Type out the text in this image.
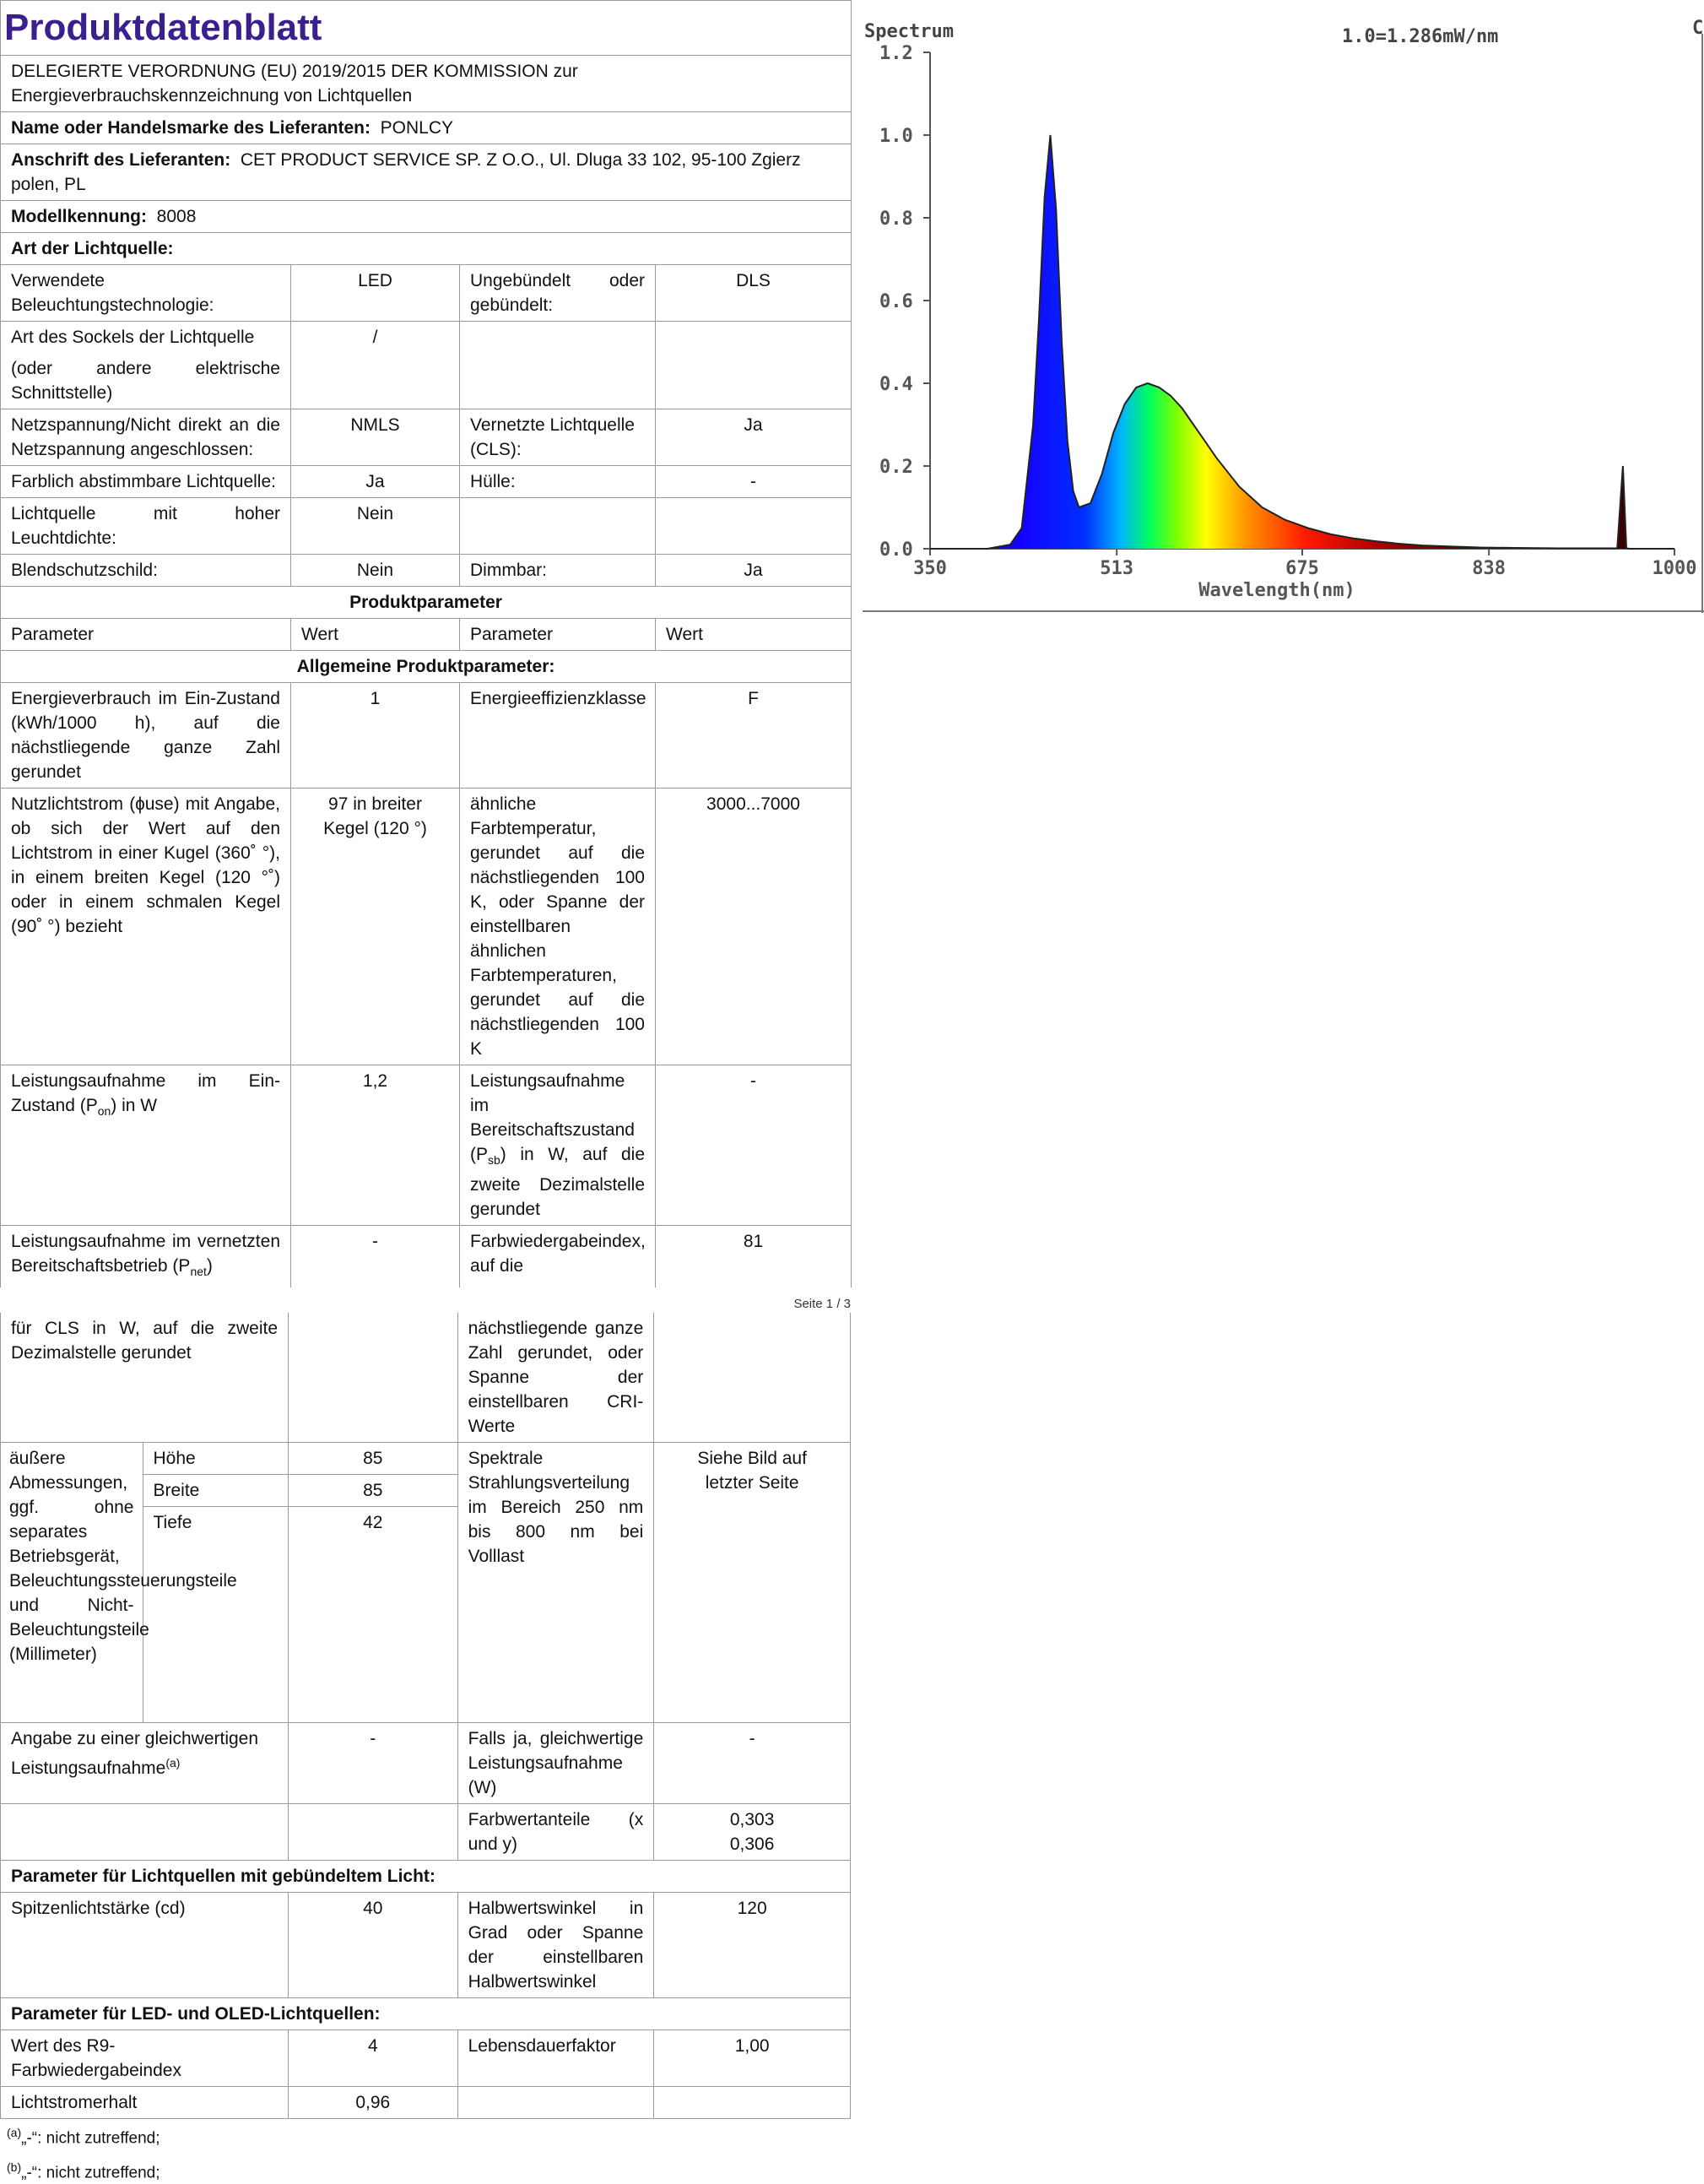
Produktdatenblatt			
DELEGIERTE VERORDNUNG (EU) 2019/2015 DER KOMMISSION zur Energieverbrauchskennzeichnung von Lichtquellen			
Name oder Handelsmarke des Lieferanten: PONLCY			
Anschrift des Lieferanten: CET PRODUCT SERVICE SP. Z O.O., Ul. Dluga 33 102, 95-100 Zgierz polen, PL			
Modellkennung: 8008			
Art der Lichtquelle:			
Verwendete Beleuchtungstechnologie:	LED	Ungebündelt oder gebündelt:	DLS

Art des Sockels der Lichtquelle
(oder andere elektrische Schnittstelle)	/		
Netzspannung/Nicht direkt an die Netzspannung angeschlossen:	NMLS	Vernetzte Lichtquelle (CLS):	Ja
Farblich abstimmbare Lichtquelle:	Ja	Hülle:	-
Lichtquelle mit hoher Leuchtdichte:	Nein		
Blendschutzschild:	Nein	Dimmbar:	Ja
Produktparameter			
Parameter	Wert	Parameter	Wert
Allgemeine Produktparameter:			
Energieverbrauch im Ein-Zustand (kWh/1000 h), auf die nächstliegende ganze Zahl gerundet	1	Energieeffizienzklasse	F
Nutzlichtstrom (ɸuse) mit Angabe, ob sich der Wert auf den Lichtstrom in einer Kugel (360˚ °), in einem breiten Kegel (120 °˚) oder in einem schmalen Kegel (90˚ °) bezieht	97 in breiter Kegel (120 °)	ähnliche Farbtemperatur, gerundet auf die nächstliegenden 100 K, oder Spanne der einstellbaren ähnlichen Farbtemperaturen, gerundet auf die nächstliegenden 100 K	3000...7000
Leistungsaufnahme im Ein-Zustand $(P_{on})$ in W	1,2	Leistungsaufnahme im Bereitschaftszustand $(P_{sb})$ in W, auf die zweite Dezimalstelle gerundet	-
Leistungsaufnahme im vernetzten Bereitschaftsbetrieb $(P_{net})$	-	Farbwiedergabeindex, auf die	81
Seite 1 / 3
für CLS in W, auf die zweite Dezimalstelle gerundet			nächstliegende ganze Zahl gerundet, oder Spanne der einstellbaren CRI-Werte	
äußere Abmessungen, ggf. ohne separates Betriebsgerät, Beleuchtungssteuerungsteile und Nicht-Beleuchtungsteile (Millimeter)	Höhe	85	Spektrale Strahlungsverteilung im Bereich 250 nm bis 800 nm bei Volllast	Siehe Bild auf letzter Seite
	Breite	85		
	Tiefe	42		

Angabe zu einer gleichwertigen Leistungsaufnahme$^{(a)}$		-	Falls ja, gleichwertige Leistungsaufnahme (W)	-
			Farbwertanteile (x und y)	0,303
0,306

Parameter für Lichtquellen mit gebündeltem Licht:				
Spitzenlichtstärke (cd)		40	Halbwertswinkel in Grad oder Spanne der einstellbaren Halbwertswinkel	120
Parameter für LED- und OLED-Lichtquellen:				
Wert des R9-Farbwiedergabeindex		4	Lebensdauerfaktor	1,00
Lichtstromerhalt		0,96		
$^{(a)}$„-“: nicht zutreffend;
$^{(b)}$„-“: nicht zutreffend;
Spectrum	1.0=1.286mW/nm	C
0.0
0.2
0.4
0.6
0.8
1.0
1.2
350	513	675	838	1000
Wavelength(nm)
